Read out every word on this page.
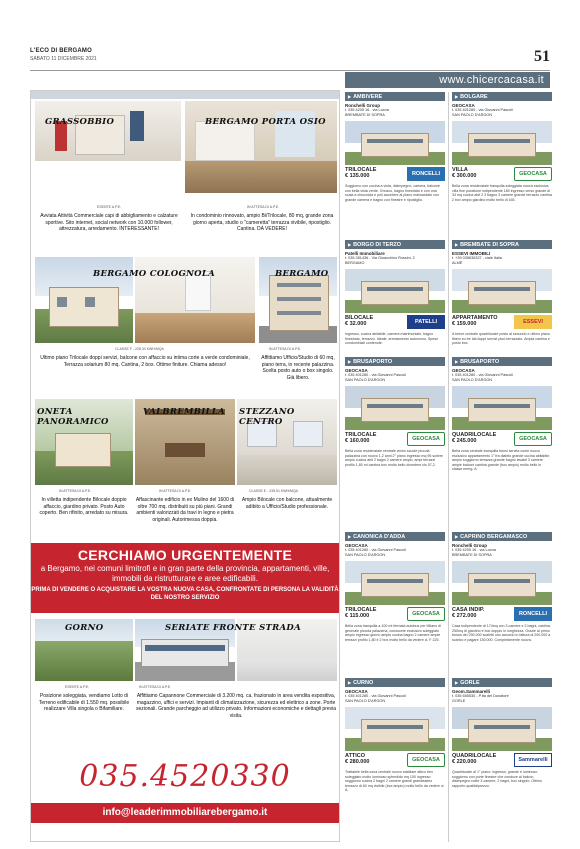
L'ECO DI BERGAMO
SABATO 11 DICEMBRE 2021	51
www.chicercacasa.it
GRASSOBBIO
ESENTE A.P.E.
Avviata Attività Commerciale capi di abbigliamento e calzature sportive. Sito internet, social network con 10.000 follower, attrezzatura, arredamento. INTERESSANTE!
BERGAMO PORTA OSIO
IN ATTESA DI A.P.E.
In condominio rinnovato, ampio Bi/Trilocale, 80 mq, grande zona giorno aperta, studio o "cameretta" terrazza vivibile, ripostiglio. Cantina. DA VEDERE!
BERGAMO COLOGNOLA
CLASSE F - 228,34 KWH/MQA
Ultimo piano Trilocale doppi servizi, balcone con affaccio su intima corte a verde condominiale, Terrazza solarium 80 mq. Cantina, 2 box. Ottime finiture. Chiama adesso!
BERGAMO
IN ATTESA DI A.P.E.
Affittiamo Ufficio/Studio di 60 mq, piano terra, in recente palazzina. Scelta posto auto o box singolo. Già libero.
ONETA PANORAMICO
IN ATTESA DI A.P.E.
In villetta indipendente Bilocale doppio affaccio, giardino privato. Posto Auto coperto. Ben rifinito, arredato su misura.
VALBREMBILLA
IN ATTESA DI A.P.E.
Affascinante edificio in ex Mulino del 1600 di oltre 700 mq. distribuiti su più piani. Grandi ambienti valorizzati da travi in legno e pietra originali. Autorimessa doppia.
STEZZANO CENTRO
CLASSE E - 235,51 KWH/MQA
Ampio Bilocale con balcone, attualmente adibito a Ufficio/Studio professionale.
CERCHIAMO URGENTEMENTE
a Bergamo, nei comuni limitrofi e in gran parte della provincia, appartamenti, ville, immobili da ristrutturare e aree edificabili.
PRIMA DI VENDERE O ACQUISTARE LA VOSTRA NUOVA CASA, CONFRONTATE DI PERSONA LA VALIDITÀ DEL NOSTRO SERVIZIO
GORNO
ESENTE A.P.E.
Posizione soleggiata, vendiamo Lotto di Terreno edificabile di 1.550 mq. possibile realizzare Villa singola o Bifamiliare.
SERIATE FRONTE STRADA
IN ATTESA DI A.P.E.
Affittiamo Capannone Commerciale di 3.200 mq. ca. frazionato in area vendita espositiva, magazzino, uffici e servizi. Impianti di climatizzazione, sicurezza ed elettrico a zone. Porte sezionali. Grande parcheggio ad utilizzo privato. Informazioni economiche e dettagli previa visita.
035.4520330
info@leaderimmobiliarebergamo.it
▶ AMBIVERE
Ronchelli Group
t. 035 4205 16 - via Locna
BREMBATE DI SOPRA
TRILOCALE
€ 135.000	RONCELLI
Soggiorno con cucina a vista, disimpegno, camera, balcone con bella vista verde. Il bosco, bagno finestrato e con una scala a chiocciola e poli accedere al piano mansardato con grande camera e bagno con finestre e ripostiglio.
▶ BOLGARE
GEOCASA
t. 035 401280 - via Giovanni Pascoli
SAN PAOLO D'ARGON
VILLA
€ 300.000	GEOCASA
Bella zona residenziale tranquilla soleggiata nuova esclusiva villa fine posizione indipendente 180 ingresso verso grande di 34 mq cucina abit 2 3 bagno 3 camere grande terrazzo cantina 2 box ampio giardino molto bello di 165.
▶ BORGO DI TERZO
Patelli Immobiliare
t. 035 281436 - Via Gioacchino Rossini, 2
BERGAMO
BILOCALE
€ 32.000	PATELLI
Ingresso, cucina abitabile, camera matrimoniale, bagno finestrato, terrazzo. Ideale, arredamento autonomo. Spese condominiali contenute.
▶ BREMBATE DI SOPRA
ESSEVI IMMOBILI
t. +39 035636327 - viale Italia
ALMÈ
APPARTAMENTO
€ 159.000	ESSEVI
A breve centrale quadrilocale posto al secondo e ultimo piano libero su tre lati doppi servizi pluri-terrazzato. Ampia cantina e posto box.
▶ BRUSAPORTO
GEOCASA
t. 035 401280 - via Giovanni Pascoli
SAN PAOLO D'ARGON
TRILOCALE
€ 160.000	GEOCASA
Bella zona residenziale centrale vicino scuole piccola palazzina con nuovo 1,2 anni 2° piano ingresso mq 95 soliere ampio cucina abit 2 bagni 2 camere ampio, ampi terrazzi profilo 1,80 mi cantina box molto bello dovedere cls 57,2.
▶ BRUSAPORTO
GEOCASA
t. 035 401280 - via Giovanni Pascoli
SAN PAOLO D'ARGON
QUADRILOCALE
€ 245.000	GEOCASA
Bella zona centrale tranquilla bensi servita come nuovo esclusivo appartamento 1° fra diabito grande cucina abitabile, ampio soggiorno terrazza grande bagno lavabil 3 camere ampie balconi cantina grande (box ampio) molto bello in classe energ. A.
▶ CANONICA D'ADDA
GEOCASA
t. 035 401280 - via Giovanni Pascoli
SAN PAOLO D'ARGON
TRILOCALE
€ 115.000	GEOCASA
Bella zona tranquilla a 100 mt fermata autobus per Milano di generale piccola palazzina, conoscere esclusivo soleggiato ampio ingresso giorno ampio cucina bagno 2 camere ampie terrazzi profilo 1,80 e 2 box molto bello da vedere cl. F 225.
▶ CAPRINO BERGAMASCO
Ronchelli Group
t. 035 4205 16 - via Locna
BREMBATE DI SOPRA
CASA INDIP.
€ 272.000	RONCELLI
Casa indipendente di 174mq con 3 camere e 2 bagni, cantina, 250mq di giardino e box doppio in lunghezza. Grazie al primo bonus dei 290.000 scaletti uno accordo in fattura di 200.000 a scarico e pagare 150.000. Completamente nuova.
▶ CURNO
GEOCASA
t. 035 401280 - via Giovanni Pascoli
SAN PAOLO D'ARGON
ATTICO
€ 280.000	GEOCASA
Trattabile bella zona centrale nuovo stabilare attico ben soleggiato molto luminoso splendido mq 100 ingresso soggiorno cucina 2 bagni 2 camere grandi grandissimo terrazzo di 60 mq visibile (box ampio) molto bello da vedere cl. A.
▶ GORLE
Geom.Sammarelli
t. 035 655530 - P.tta del Donatore
GORLE
QUADRILOCALE
€ 220.000	Sammarelli
Quadrilocale al 1° piano: ingresso, grande e luminoso soggiorno con porte finestre che conduce al balcon, disimpegno notte 3 camere, 2 bagni, box singolo. Ottimo rapporto qualità/prezzo.
